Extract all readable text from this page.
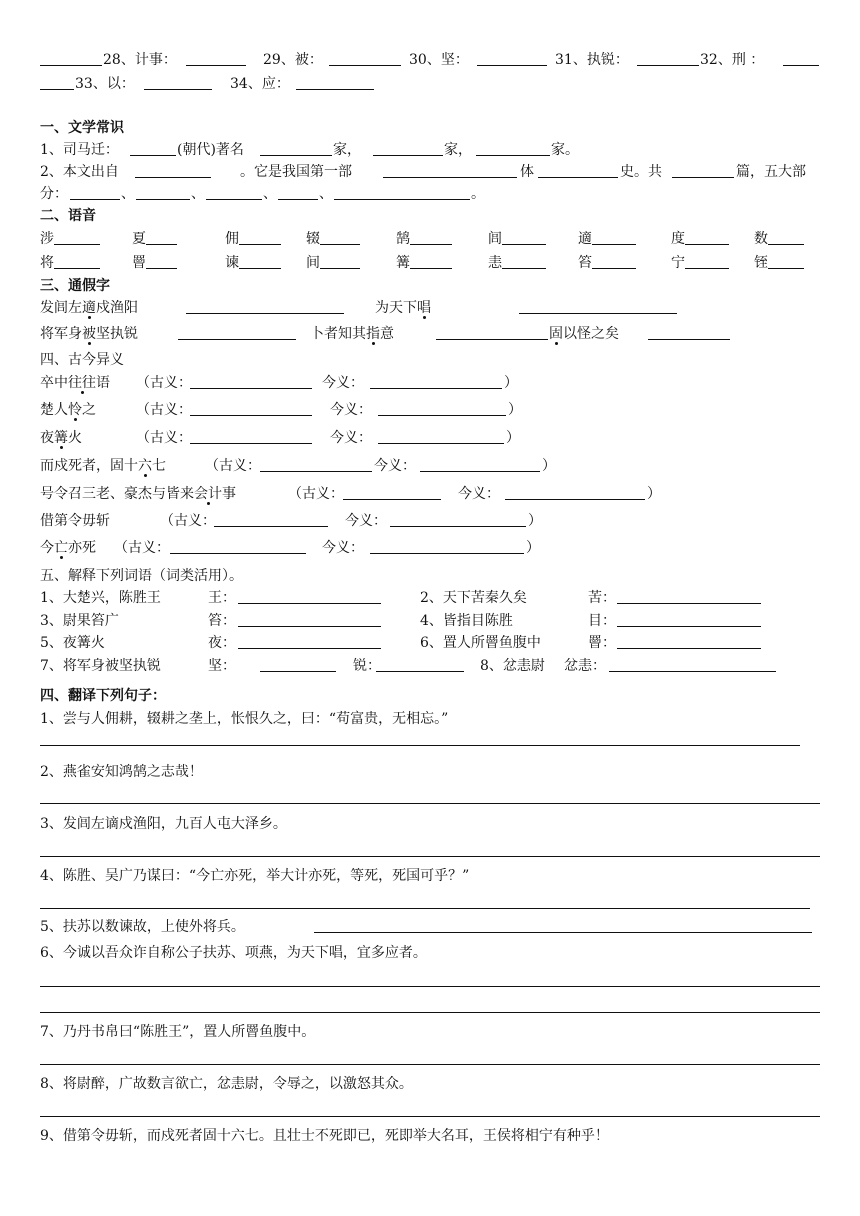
28、计事：	29、被：	30、坚：	31、执锐：	32、刑 ：
33、以：	34、应：
一、文学常识
1、司马迁：	(朝代)著名	家，	家，	家。
2、本文出自	。它是我国第一部	体	史。共	篇，五大部
分：	、	、	、	、	。
二、语音
涉	夏	佣	辍	鹄	闾	適	度	数
将	罾	谏	间	篝	恚	笞	宁	铚
三、通假字
发闾左適戍渔阳	为天下唱
将军身被坚执锐	卜者知其指意	固以怪之矣
四、古今异义
卒中往往语 （古义：	今义：	）
楚人怜之	（古义：	今义：	）
夜篝火	（古义：	今义：	）
而戍死者，固十六七	（古义：	今义：	）
号令召三老、豪杰与皆来会计事	（古义：	今义：	）
借第令毋斩	（古义：	今义：	）
今亡亦死 （古义：	今义：	）
五、解释下列词语（词类活用）。
1、大楚兴，陈胜王	王：	2、天下苦秦久矣	苦：
3、尉果笞广	笞：	4、皆指目陈胜	目：
5、夜篝火	夜：	6、置人所罾鱼腹中	罾：
7、将军身被坚执锐	坚：	锐：	8、忿恚尉 忿恚：
四、翻译下列句子：
1、尝与人佣耕，辍耕之垄上，怅恨久之，曰：“苟富贵，无相忘。”
2、燕雀安知鸿鹄之志哉！
3、发闾左谪戍渔阳，九百人屯大泽乡。
4、陈胜、吴广乃谋曰：“今亡亦死，举大计亦死，等死，死国可乎？”
5、扶苏以数谏故，上使外将兵。
6、今诚以吾众诈自称公子扶苏、项燕，为天下唱，宜多应者。
7、乃丹书帛曰“陈胜王”，置人所罾鱼腹中。
8、将尉醉，广故数言欲亡，忿恚尉，令辱之，以激怒其众。
9、借第令毋斩，而戍死者固十六七。且壮士不死即已，死即举大名耳，王侯将相宁有种乎！
